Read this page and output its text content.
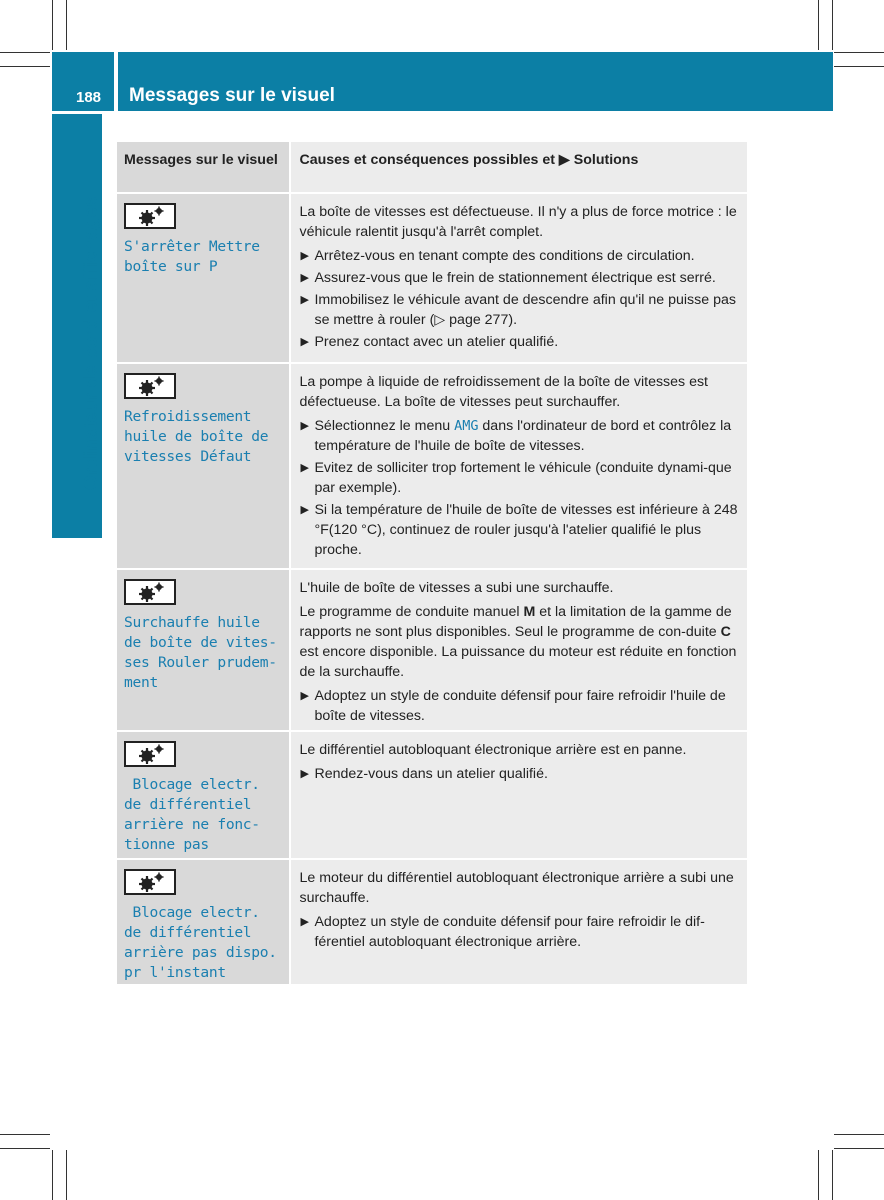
188 Messages sur le visuel
Ordinateur de bord et affichages
Messages sur le visuel	Causes et conséquences possibles et ▶ Solutions
S'arrêter Mettre
boîte sur P
La boîte de vitesses est défectueuse. Il n'y a plus de force motrice : le véhicule ralentit jusqu'à l'arrêt complet.
▶ Arrêtez-vous en tenant compte des conditions de circulation.
▶ Assurez-vous que le frein de stationnement électrique est serré.
▶ Immobilisez le véhicule avant de descendre afin qu'il ne puisse pas se mettre à rouler (▷ page 277).
▶ Prenez contact avec un atelier qualifié.
Refroidissement
huile de boîte de
vitesses Défaut
La pompe à liquide de refroidissement de la boîte de vitesses est défectueuse. La boîte de vitesses peut surchauffer.
▶ Sélectionnez le menu AMG dans l'ordinateur de bord et contrôlez la température de l'huile de boîte de vitesses.
▶ Evitez de solliciter trop fortement le véhicule (conduite dynami-que par exemple).
▶ Si la température de l'huile de boîte de vitesses est inférieure à 248 °F(120 °C), continuez de rouler jusqu'à l'atelier qualifié le plus proche.
Surchauffe huile
de boîte de vites-
ses Rouler prudem-
ment
L'huile de boîte de vitesses a subi une surchauffe.
Le programme de conduite manuel M et la limitation de la gamme de rapports ne sont plus disponibles. Seul le programme de con-duite C est encore disponible. La puissance du moteur est réduite en fonction de la surchauffe.
▶ Adoptez un style de conduite défensif pour faire refroidir l'huile de boîte de vitesses.
Blocage electr.
de différentiel
arrière ne fonc-
tionne pas
Le différentiel autobloquant électronique arrière est en panne.
▶ Rendez-vous dans un atelier qualifié.
Blocage electr.
de différentiel
arrière pas dispo.
pr l'instant
Le moteur du différentiel autobloquant électronique arrière a subi une surchauffe.
▶ Adoptez un style de conduite défensif pour faire refroidir le dif-férentiel autobloquant électronique arrière.
